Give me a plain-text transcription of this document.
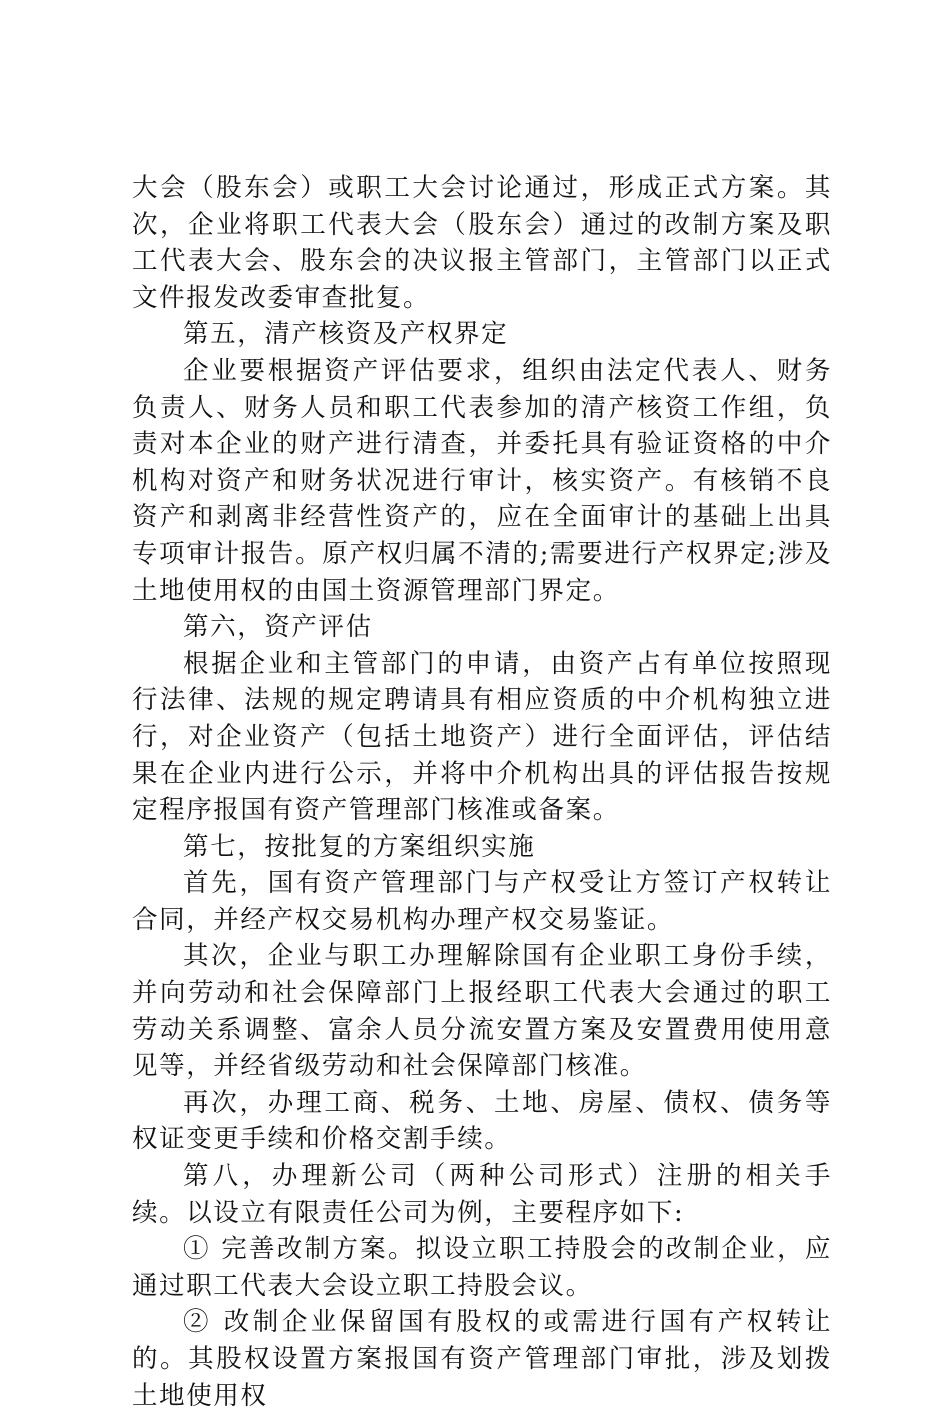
大会（股东会）或职工大会讨论通过，形成正式方案。其次，企业将职工代表大会（股东会）通过的改制方案及职工代表大会、股东会的决议报主管部门，主管部门以正式文件报发改委审查批复。

第五，清产核资及产权界定

企业要根据资产评估要求，组织由法定代表人、财务负责人、财务人员和职工代表参加的清产核资工作组，负责对本企业的财产进行清查，并委托具有验证资格的中介机构对资产和财务状况进行审计，核实资产。有核销不良资产和剥离非经营性资产的，应在全面审计的基础上出具专项审计报告。原产权归属不清的;需要进行产权界定;涉及土地使用权的由国土资源管理部门界定。

第六，资产评估

根据企业和主管部门的申请，由资产占有单位按照现行法律、法规的规定聘请具有相应资质的中介机构独立进行，对企业资产（包括土地资产）进行全面评估，评估结果在企业内进行公示，并将中介机构出具的评估报告按规定程序报国有资产管理部门核准或备案。

第七，按批复的方案组织实施

首先，国有资产管理部门与产权受让方签订产权转让合同，并经产权交易机构办理产权交易鉴证。

其次，企业与职工办理解除国有企业职工身份手续，并向劳动和社会保障部门上报经职工代表大会通过的职工劳动关系调整、富余人员分流安置方案及安置费用使用意见等，并经省级劳动和社会保障部门核准。

再次，办理工商、税务、土地、房屋、债权、债务等权证变更手续和价格交割手续。

第八，办理新公司（两种公司形式）注册的相关手续。以设立有限责任公司为例，主要程序如下:

① 完善改制方案。拟设立职工持股会的改制企业，应通过职工代表大会设立职工持股会议。

② 改制企业保留国有股权的或需进行国有产权转让的。其股权设置方案报国有资产管理部门审批，涉及划拨土地使用权
